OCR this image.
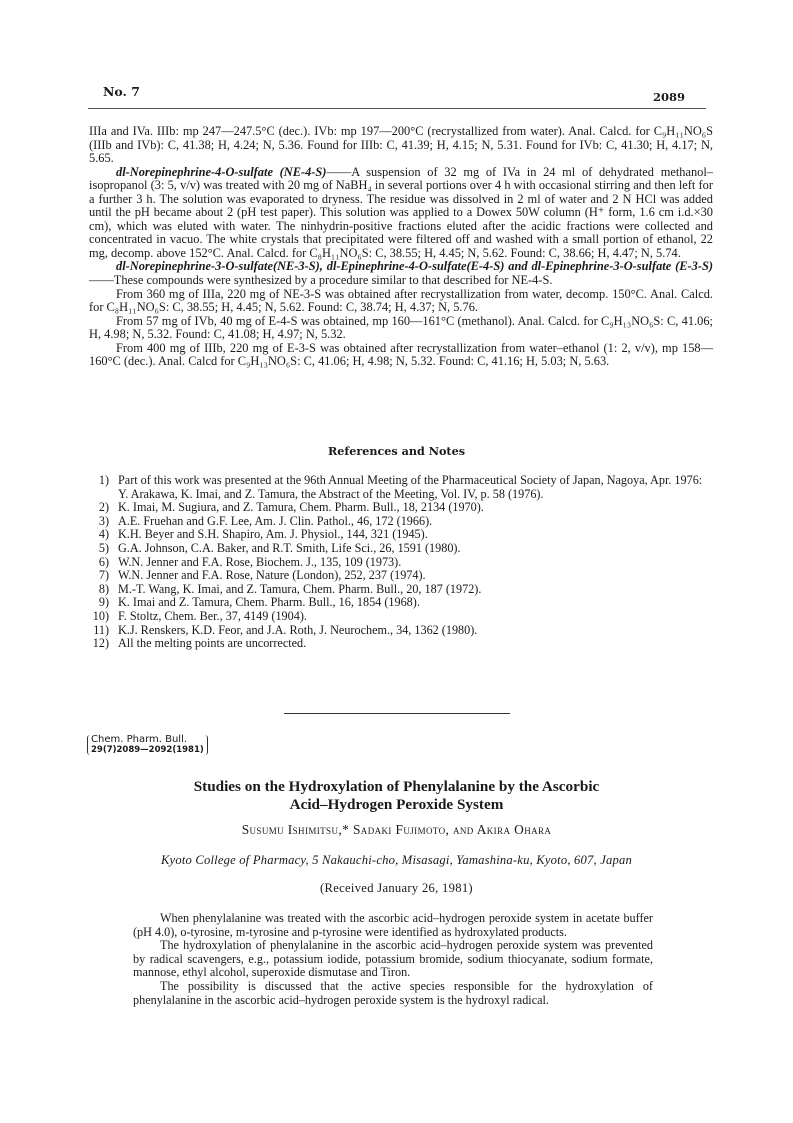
No. 7	2089

IIIa and IVa. IIIb: mp 247—247.5°C (dec.). IVb: mp 197—200°C (recrystallized from water). Anal. Calcd. for C₉H₁₁NO₆S (IIIb and IVb): C, 41.38; H, 4.24; N, 5.36. Found for IIIb: C, 41.39; H, 4.15; N, 5.31. Found for IVb: C, 41.30; H, 4.17; N, 5.65.

dl-Norepinephrine-4-O-sulfate (NE-4-S)——A suspension of 32 mg of IVa in 24 ml of dehydrated methanol–isopropanol (3: 5, v/v) was treated with 20 mg of NaBH₄ in several portions over 4 h with occasional stirring and then left for a further 3 h. The solution was evaporated to dryness. The residue was dissolved in 2 ml of water and 2 N HCl was added until the pH became about 2 (pH test paper). This solution was applied to a Dowex 50W column (H⁺ form, 1.6 cm i.d.×30 cm), which was eluted with water. The ninhydrin-positive fractions eluted after the acidic fractions were collected and concentrated in vacuo. The white crystals that precipitated were filtered off and washed with a small portion of ethanol, 22 mg, decomp. above 152°C. Anal. Calcd. for C₈H₁₁NO₆S: C, 38.55; H, 4.45; N, 5.62. Found: C, 38.66; H, 4.47; N, 5.74.

dl-Norepinephrine-3-O-sulfate(NE-3-S), dl-Epinephrine-4-O-sulfate(E-4-S) and dl-Epinephrine-3-O-sulfate (E-3-S)——These compounds were synthesized by a procedure similar to that described for NE-4-S.

From 360 mg of IIIa, 220 mg of NE-3-S was obtained after recrystallization from water, decomp. 150°C. Anal. Calcd. for C₈H₁₁NO₆S: C, 38.55; H, 4.45; N, 5.62. Found: C, 38.74; H, 4.37; N, 5.76.

From 57 mg of IVb, 40 mg of E-4-S was obtained, mp 160—161°C (methanol). Anal. Calcd. for C₉H₁₃NO₆S: C, 41.06; H, 4.98; N, 5.32. Found: C, 41.08; H, 4.97; N, 5.32.

From 400 mg of IIIb, 220 mg of E-3-S was obtained after recrystallization from water–ethanol (1: 2, v/v), mp 158—160°C (dec.). Anal. Calcd for C₉H₁₃NO₆S: C, 41.06; H, 4.98; N, 5.32. Found: C, 41.16; H, 5.03; N, 5.63.

References and Notes
1) Part of this work was presented at the 96th Annual Meeting of the Pharmaceutical Society of Japan, Nagoya, Apr. 1976: Y. Arakawa, K. Imai, and Z. Tamura, the Abstract of the Meeting, Vol. IV, p. 58 (1976).
2) K. Imai, M. Sugiura, and Z. Tamura, Chem. Pharm. Bull., 18, 2134 (1970).
3) A.E. Fruehan and G.F. Lee, Am. J. Clin. Pathol., 46, 172 (1966).
4) K.H. Beyer and S.H. Shapiro, Am. J. Physiol., 144, 321 (1945).
5) G.A. Johnson, C.A. Baker, and R.T. Smith, Life Sci., 26, 1591 (1980).
6) W.N. Jenner and F.A. Rose, Biochem. J., 135, 109 (1973).
7) W.N. Jenner and F.A. Rose, Nature (London), 252, 237 (1974).
8) M.-T. Wang, K. Imai, and Z. Tamura, Chem. Pharm. Bull., 20, 187 (1972).
9) K. Imai and Z. Tamura, Chem. Pharm. Bull., 16, 1854 (1968).
10) F. Stoltz, Chem. Ber., 37, 4149 (1904).
11) K.J. Renskers, K.D. Feor, and J.A. Roth, J. Neurochem., 34, 1362 (1980).
12) All the melting points are uncorrected.
Chem. Pharm. Bull.
29(7)2089—2092(1981)
Studies on the Hydroxylation of Phenylalanine by the Ascorbic
Acid–Hydrogen Peroxide System
Susumu Ishimitsu,* Sadaki Fujimoto, and Akira Ohara
Kyoto College of Pharmacy, 5 Nakauchi-cho, Misasagi, Yamashina-ku, Kyoto, 607, Japan
(Received January 26, 1981)

When phenylalanine was treated with the ascorbic acid–hydrogen peroxide system in acetate buffer (pH 4.0), o-tyrosine, m-tyrosine and p-tyrosine were identified as hydroxylated products.

The hydroxylation of phenylalanine in the ascorbic acid–hydrogen peroxide system was prevented by radical scavengers, e.g., potassium iodide, potassium bromide, sodium thiocyanate, sodium formate, mannose, ethyl alcohol, superoxide dismutase and Tiron.

The possibility is discussed that the active species responsible for the hydroxylation of phenylalanine in the ascorbic acid–hydrogen peroxide system is the hydroxyl radical.
